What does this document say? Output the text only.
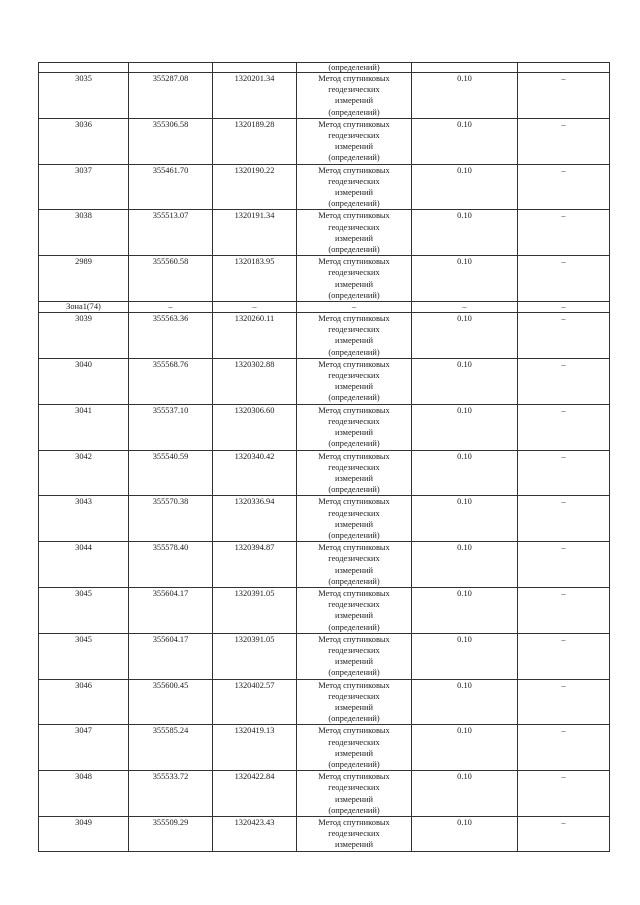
			(определений)		
3035	355287.08	1320201.34	Метод спутниковых
геодезических
измерений
(определений)	0.10	–
3036	355306.58	1320189.28	Метод спутниковых
геодезических
измерений
(определений)	0.10	–
3037	355461.70	1320190.22	Метод спутниковых
геодезических
измерений
(определений)	0.10	–
3038	355513.07	1320191.34	Метод спутниковых
геодезических
измерений
(определений)	0.10	–
2989	355560.58	1320183.95	Метод спутниковых
геодезических
измерений
(определений)	0.10	–
Зона1(74)	–	–	–	–	–
3039	355563.36	1320260.11	Метод спутниковых
геодезических
измерений
(определений)	0.10	–
3040	355568.76	1320302.88	Метод спутниковых
геодезических
измерений
(определений)	0.10	–
3041	355537.10	1320306.60	Метод спутниковых
геодезических
измерений
(определений)	0.10	–
3042	355540.59	1320340.42	Метод спутниковых
геодезических
измерений
(определений)	0.10	–
3043	355570.38	1320336.94	Метод спутниковых
геодезических
измерений
(определений)	0.10	–
3044	355578.40	1320394.87	Метод спутниковых
геодезических
измерений
(определений)	0.10	–
3045	355604.17	1320391.05	Метод спутниковых
геодезических
измерений
(определений)	0.10	–
3045	355604.17	1320391.05	Метод спутниковых
геодезических
измерений
(определений)	0.10	–
3046	355600.45	1320402.57	Метод спутниковых
геодезических
измерений
(определений)	0.10	–
3047	355585.24	1320419.13	Метод спутниковых
геодезических
измерений
(определений)	0.10	–
3048	355533.72	1320422.84	Метод спутниковых
геодезических
измерений
(определений)	0.10	–
3049	355509.29	1320423.43	Метод спутниковых
геодезических
измерений	0.10	–
